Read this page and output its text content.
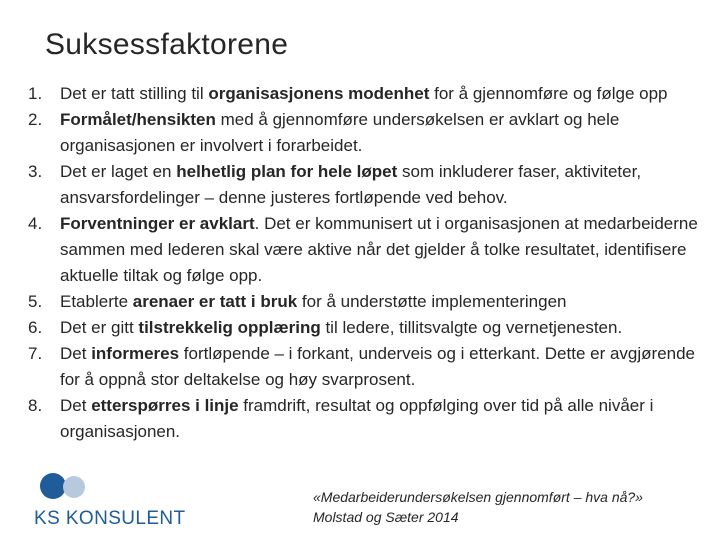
Suksessfaktorene
1.	Det er tatt stilling til organisasjonens modenhet for å gjennomføre og følge opp
2.	Formålet/hensikten med å gjennomføre undersøkelsen er avklart og hele organisasjonen er involvert i forarbeidet.
3.	Det er laget en helhetlig plan for hele løpet som inkluderer faser, aktiviteter, ansvarsfordelinger – denne justeres fortløpende ved behov.
4.	Forventninger er avklart. Det er kommunisert ut i organisasjonen at medarbeiderne sammen med lederen skal være aktive når det gjelder å tolke resultatet, identifisere aktuelle tiltak og følge opp.
5.	Etablerte arenaer er tatt i bruk for å understøtte implementeringen
6.	Det er gitt tilstrekkelig opplæring til ledere, tillitsvalgte og vernetjenesten.
7.	Det informeres fortløpende – i forkant, underveis og i etterkant. Dette er avgjørende for å oppnå stor deltakelse og høy svarprosent.
8.	Det etterspørres i linje framdrift, resultat og oppfølging over tid på alle nivåer i organisasjonen.
KS KONSULENT
«Medarbeiderundersøkelsen gjennomført – hva nå?»
Molstad og Sæter 2014
